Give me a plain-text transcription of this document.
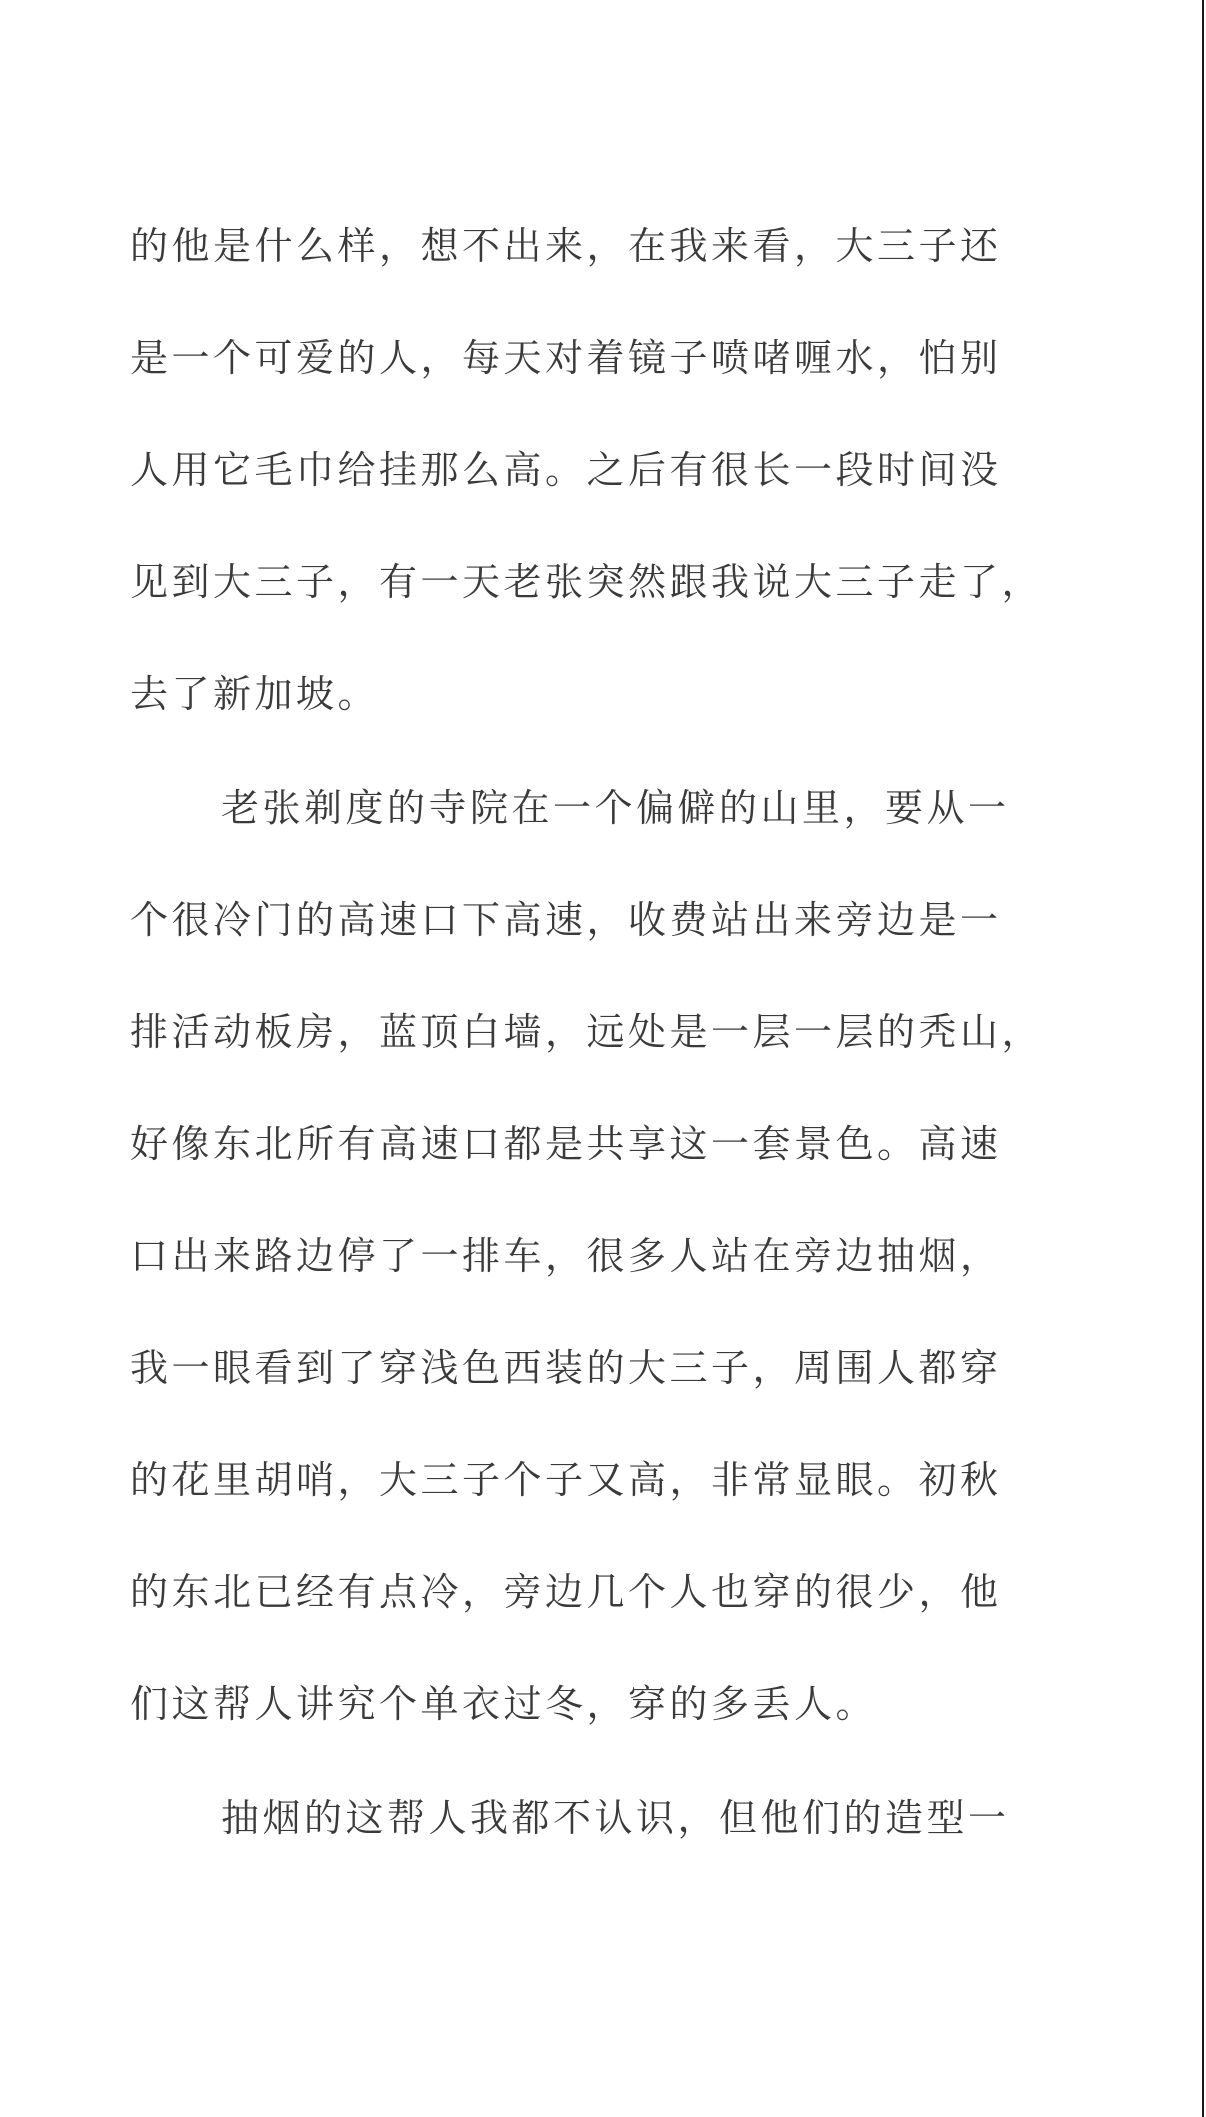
的他是什么样，想不出来，在我来看，大三子还
是一个可爱的人，每天对着镜子喷啫喱水，怕别
人用它毛巾给挂那么高。之后有很长一段时间没
见到大三子，有一天老张突然跟我说大三子走了，
去了新加坡。
老张剃度的寺院在一个偏僻的山里，要从一
个很冷门的高速口下高速，收费站出来旁边是一
排活动板房，蓝顶白墙，远处是一层一层的秃山，
好像东北所有高速口都是共享这一套景色。高速
口出来路边停了一排车，很多人站在旁边抽烟，
我一眼看到了穿浅色西装的大三子，周围人都穿
的花里胡哨，大三子个子又高，非常显眼。初秋
的东北已经有点冷，旁边几个人也穿的很少，他
们这帮人讲究个单衣过冬，穿的多丢人。
抽烟的这帮人我都不认识，但他们的造型一
